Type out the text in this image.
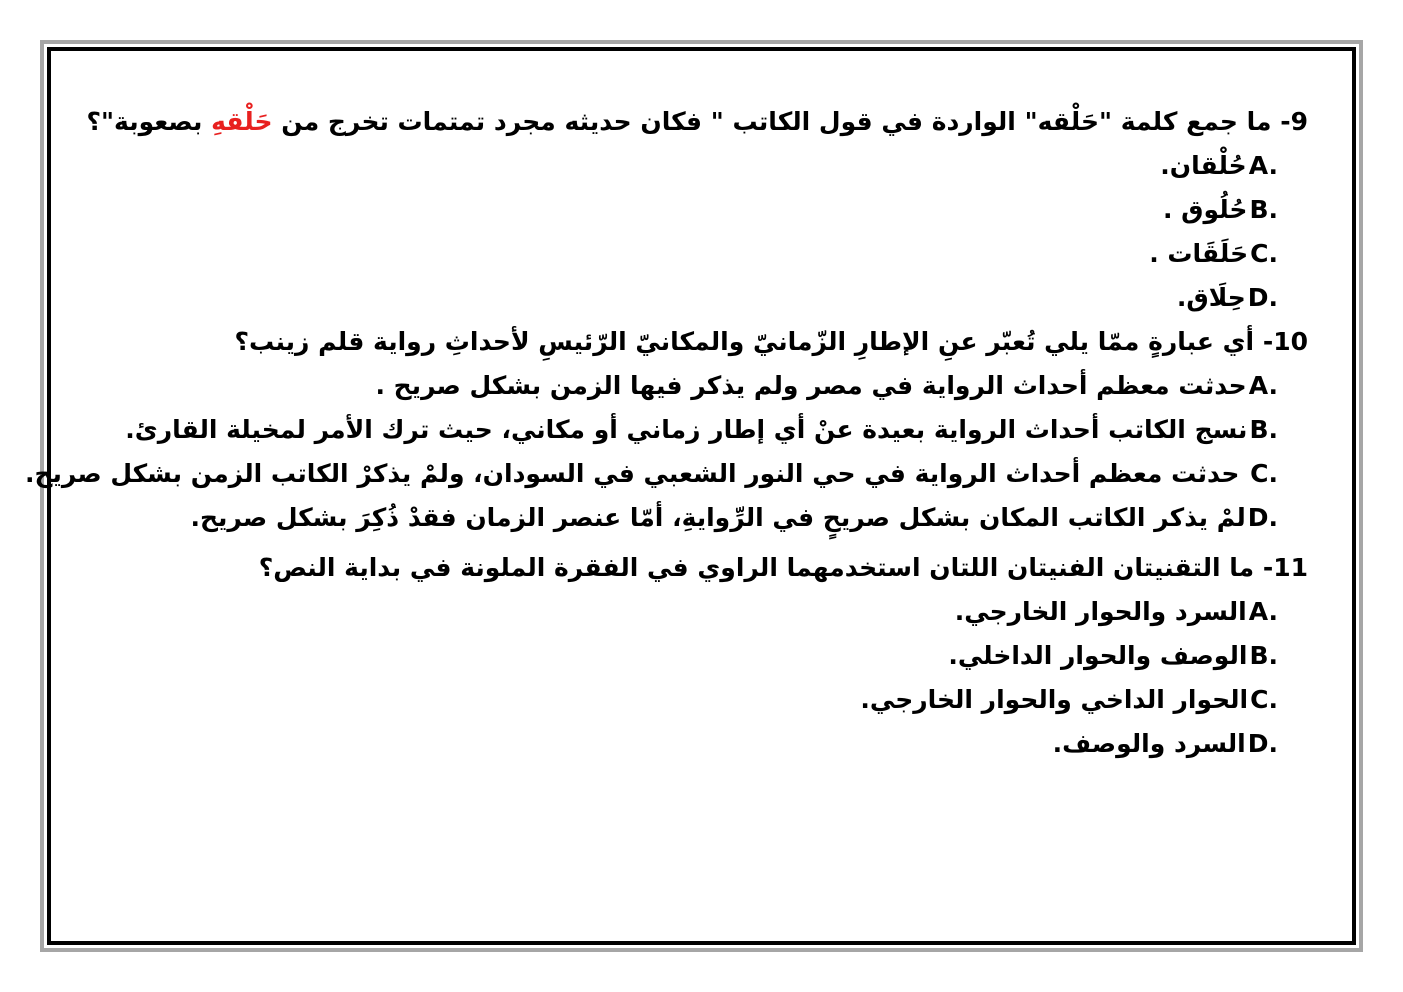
9- ما جمع كلمة "حَلْقه" الواردة في قول الكاتب " فكان حديثه مجرد تمتمات تخرج من حَلْقهِ بصعوبة"؟
A.حُلْقان.
B.حُلُوق .
C.حَلَقَات .
D.حِلَاق.
10- أي عبارةٍ ممّا يلي تُعبّر عنِ الإطارِ الزّمانيّ والمكانيّ الرّئيسِ لأحداثِ رواية قلم زينب؟
A.حدثت معظم أحداث الرواية في مصر ولم يذكر فيها الزمن بشكل صريح .
B.نسج الكاتب أحداث الرواية بعيدة عنْ أي إطار زماني أو مكاني، حيث ترك الأمر لمخيلة القارئ.
C. حدثت معظم أحداث الرواية في حي النور الشعبي في السودان، ولمْ يذكرْ الكاتب الزمن بشكل صريح.
D.لمْ يذكر الكاتب المكان بشكل صريحٍ في الرِّوايةِ، أمّا عنصر الزمان فقدْ ذُكِرَ بشكل صريح.
11- ما التقنيتان الفنيتان اللتان استخدمهما الراوي في الفقرة الملونة في بداية النص؟
A.السرد والحوار الخارجي.
B.الوصف والحوار الداخلي.
C.الحوار الداخي والحوار الخارجي.
D.السرد والوصف.
